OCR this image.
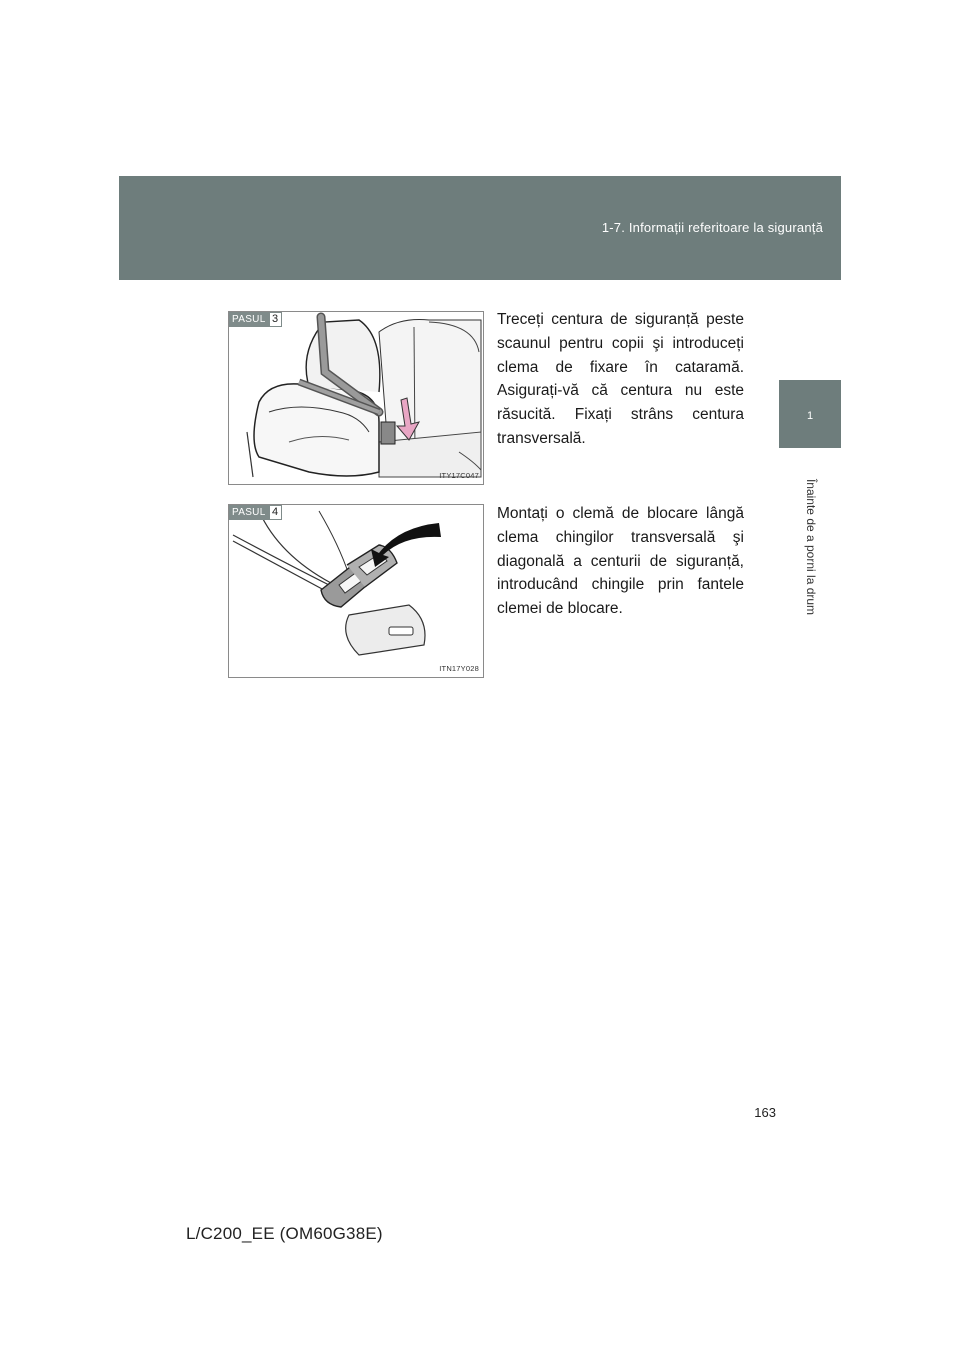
1-7. Informații referitoare la siguranță
1
Înainte de a porni la drum
PASUL 3
ITY17C047
Treceți centura de siguranță peste scaunul pentru copii şi introduceți clema de fixare în cataramă. Asigurați-vă că centura nu este răsucită. Fixați strâns centura transversală.
PASUL 4
ITN17Y028
Montați o clemă de blocare lângă clema chingilor transversală şi diagonală a centurii de siguranță, introducând chingile prin fantele clemei de blocare.
163
L/C200_EE (OM60G38E)
